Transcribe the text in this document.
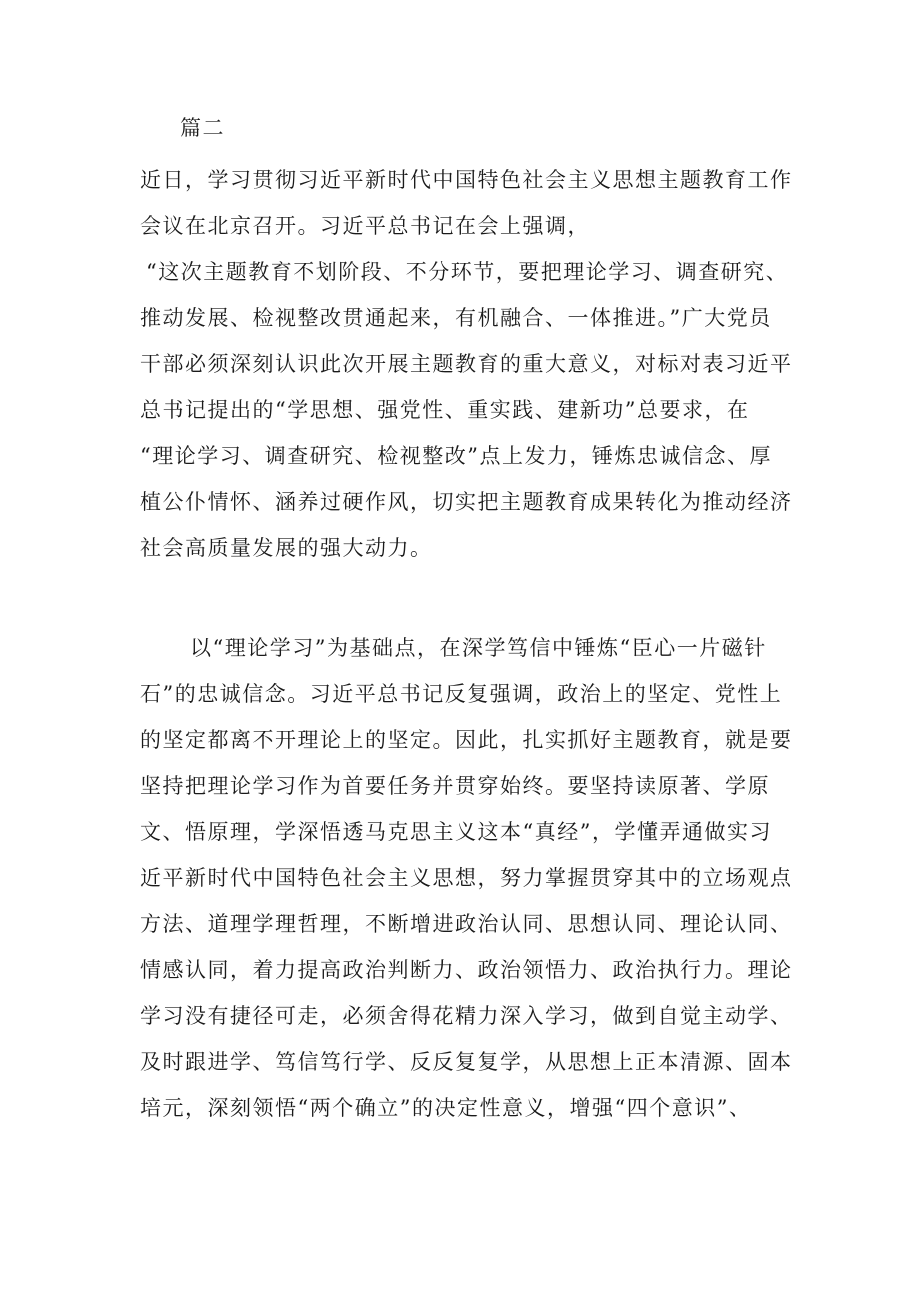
篇二
近日，学习贯彻习近平新时代中国特色社会主义思想主题教育工作
会议在北京召开。习近平总书记在会上强调，
“这次主题教育不划阶段、不分环节，要把理论学习、调查研究、
推动发展、检视整改贯通起来，有机融合、一体推进。”广大党员
干部必须深刻认识此次开展主题教育的重大意义，对标对表习近平
总书记提出的“学思想、强党性、重实践、建新功”总要求，在
“理论学习、调查研究、检视整改”点上发力，锤炼忠诚信念、厚
植公仆情怀、涵养过硬作风，切实把主题教育成果转化为推动经济
社会高质量发展的强大动力。
以“理论学习”为基础点，在深学笃信中锤炼“臣心一片磁针
石”的忠诚信念。习近平总书记反复强调，政治上的坚定、党性上
的坚定都离不开理论上的坚定。因此，扎实抓好主题教育，就是要
坚持把理论学习作为首要任务并贯穿始终。要坚持读原著、学原
文、悟原理，学深悟透马克思主义这本“真经”，学懂弄通做实习
近平新时代中国特色社会主义思想，努力掌握贯穿其中的立场观点
方法、道理学理哲理，不断增进政治认同、思想认同、理论认同、
情感认同，着力提高政治判断力、政治领悟力、政治执行力。理论
学习没有捷径可走，必须舍得花精力深入学习，做到自觉主动学、
及时跟进学、笃信笃行学、反反复复学，从思想上正本清源、固本
培元，深刻领悟“两个确立”的决定性意义，增强“四个意识”、
